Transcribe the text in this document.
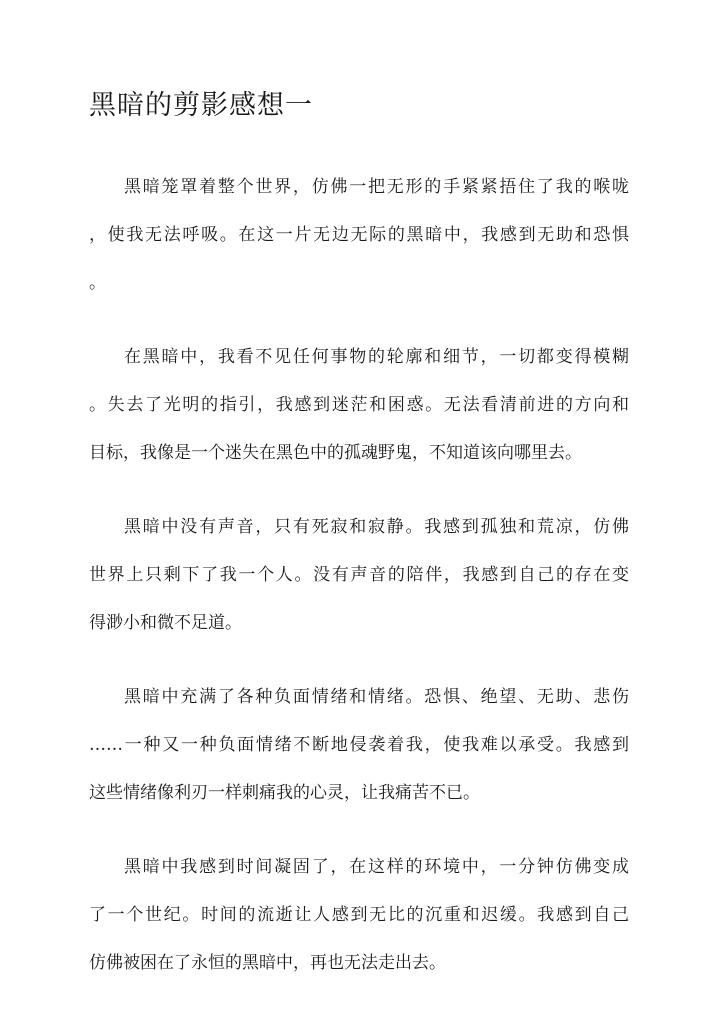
黑暗的剪影感想一

黑暗笼罩着整个世界，仿佛一把无形的手紧紧捂住了我的喉咙
，使我无法呼吸。在这一片无边无际的黑暗中，我感到无助和恐惧
。

在黑暗中，我看不见任何事物的轮廓和细节，一切都变得模糊
。失去了光明的指引，我感到迷茫和困惑。无法看清前进的方向和
目标，我像是一个迷失在黑色中的孤魂野鬼，不知道该向哪里去。

黑暗中没有声音，只有死寂和寂静。我感到孤独和荒凉，仿佛
世界上只剩下了我一个人。没有声音的陪伴，我感到自己的存在变
得渺小和微不足道。

黑暗中充满了各种负面情绪和情绪。恐惧、绝望、无助、悲伤
……一种又一种负面情绪不断地侵袭着我，使我难以承受。我感到
这些情绪像利刃一样刺痛我的心灵，让我痛苦不已。

黑暗中我感到时间凝固了，在这样的环境中，一分钟仿佛变成
了一个世纪。时间的流逝让人感到无比的沉重和迟缓。我感到自己
仿佛被困在了永恒的黑暗中，再也无法走出去。
